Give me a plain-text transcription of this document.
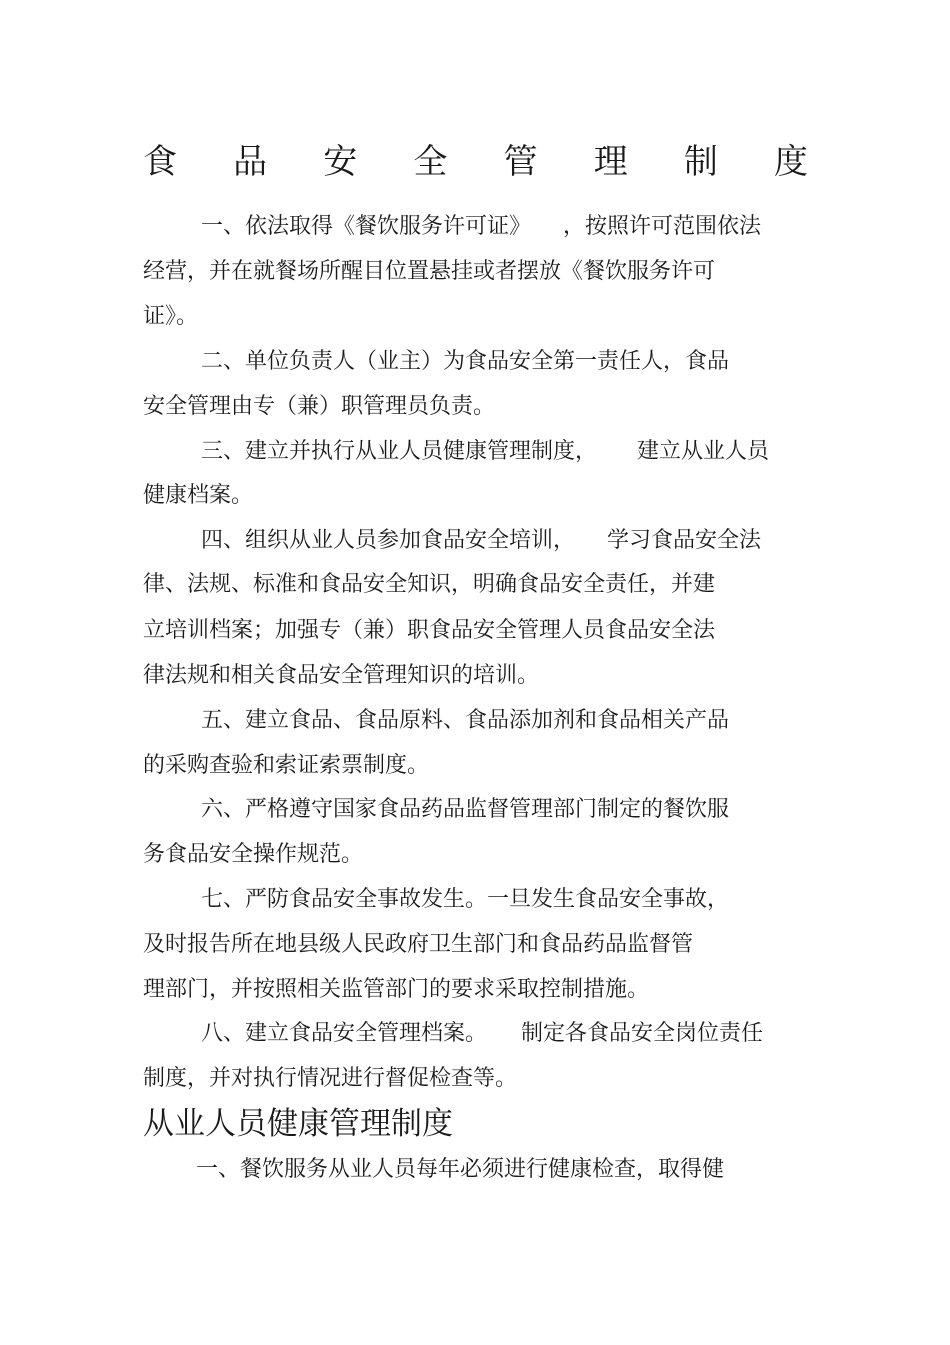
食 品 安 全 管 理 制 度
一、依法取得《餐饮服务许可证》 ，按照许可范围依法
经营，并在就餐场所醒目位置悬挂或者摆放《餐饮服务许可
证》。
二、单位负责人（业主）为食品安全第一责任人，食品
安全管理由专（兼）职管理员负责。
三、建立并执行从业人员健康管理制度， 建立从业人员
健康档案。
四、组织从业人员参加食品安全培训， 学习食品安全法
律、法规、标准和食品安全知识，明确食品安全责任，并建
立培训档案；加强专（兼）职食品安全管理人员食品安全法
律法规和相关食品安全管理知识的培训。
五、建立食品、食品原料、食品添加剂和食品相关产品
的采购查验和索证索票制度。
六、严格遵守国家食品药品监督管理部门制定的餐饮服
务食品安全操作规范。
七、严防食品安全事故发生。一旦发生食品安全事故，
及时报告所在地县级人民政府卫生部门和食品药品监督管
理部门，并按照相关监管部门的要求采取控制措施。
八、建立食品安全管理档案。 制定各食品安全岗位责任
制度，并对执行情况进行督促检查等。
从业人员健康管理制度
一、餐饮服务从业人员每年必须进行健康检查，取得健
